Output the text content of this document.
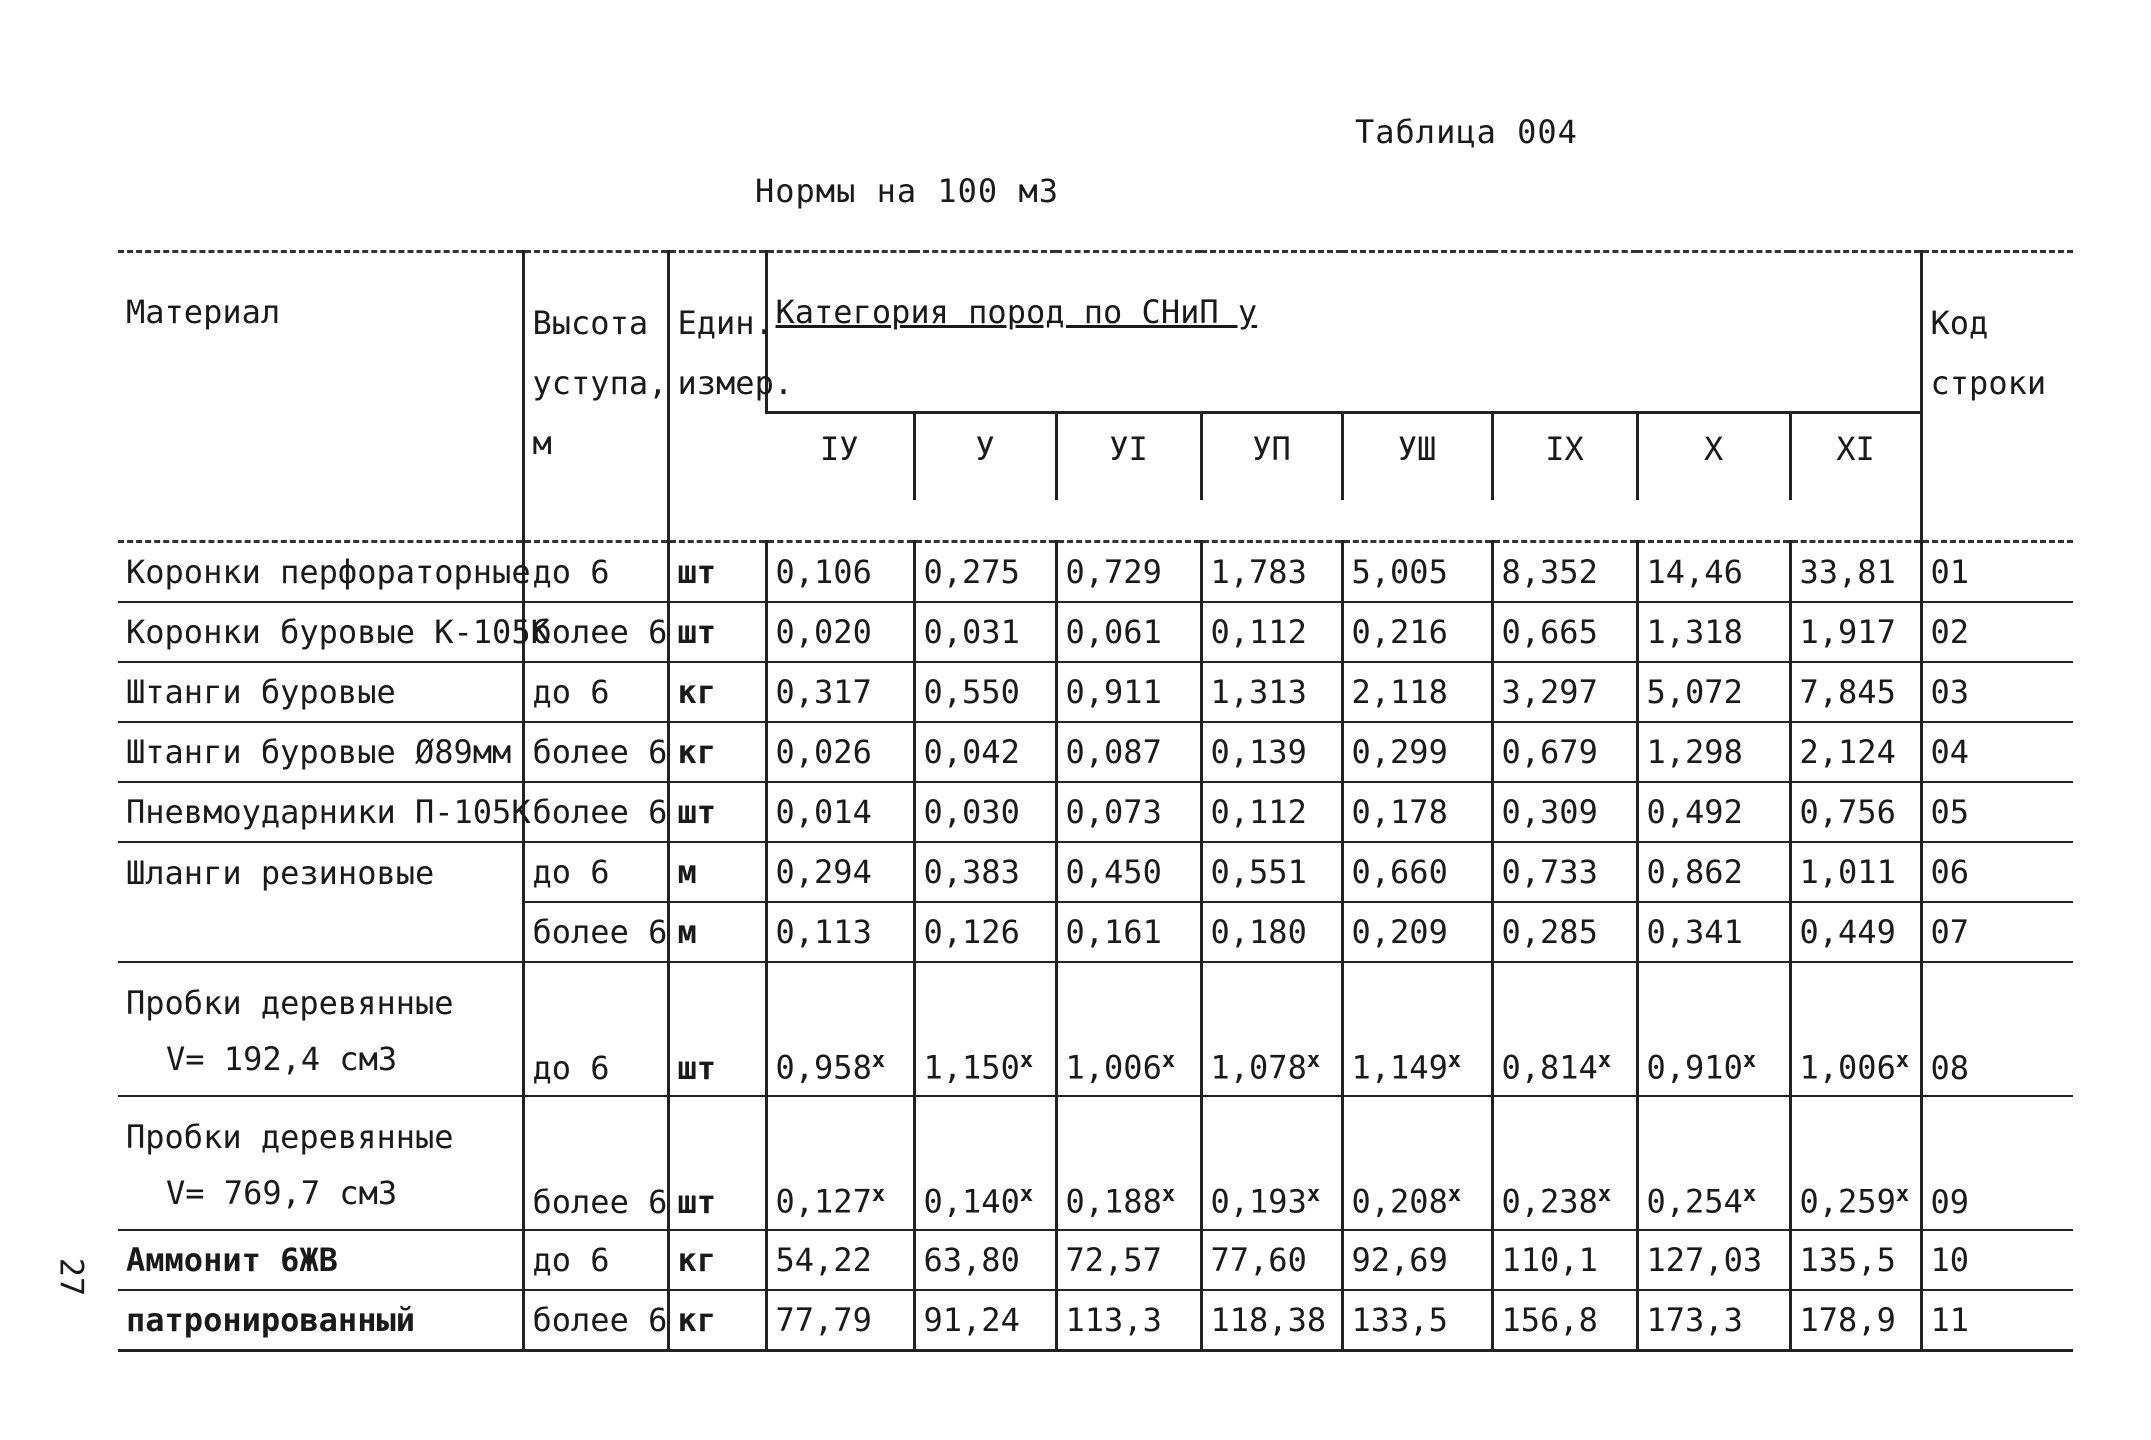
Таблица 004
Нормы на 100 м3
27
Материал	Высота уступа, м	Един. измер.	Категория пород по СНиП у								Код строки
			IУ	У	УI	УП	УШ	IX	X	XI	

Коронки перфораторные	до 6	шт	0,106	0,275	0,729	1,783	5,005	8,352	14,46	33,81	01
Коронки буровые К-105К	более 6	шт	0,020	0,031	0,061	0,112	0,216	0,665	1,318	1,917	02
Штанги буровые	до 6	кг	0,317	0,550	0,911	1,313	2,118	3,297	5,072	7,845	03
Штанги буровые Ø89мм	более 6	кг	0,026	0,042	0,087	0,139	0,299	0,679	1,298	2,124	04
Пневмоударники П-105К	более 6	шт	0,014	0,030	0,073	0,112	0,178	0,309	0,492	0,756	05
Шланги резиновые	до 6	м	0,294	0,383	0,450	0,551	0,660	0,733	0,862	1,011	06
	более 6	м	0,113	0,126	0,161	0,180	0,209	0,285	0,341	0,449	07

Пробки деревянные
V= 192,4 см3	до 6	шт	0,958$^x$	1,150$^x$	1,006$^x$	1,078$^x$	1,149$^x$	0,814$^x$	0,910$^x$	1,006$^x$	08

Пробки деревянные
V= 769,7 см3	более 6	шт	0,127$^x$	0,140$^x$	0,188$^x$	0,193$^x$	0,208$^x$	0,238$^x$	0,254$^x$	0,259$^x$	09
Аммонит 6ЖВ	до 6	кг	54,22	63,80	72,57	77,60	92,69	110,1	127,03	135,5	10
патронированный	более 6	кг	77,79	91,24	113,3	118,38	133,5	156,8	173,3	178,9	11
